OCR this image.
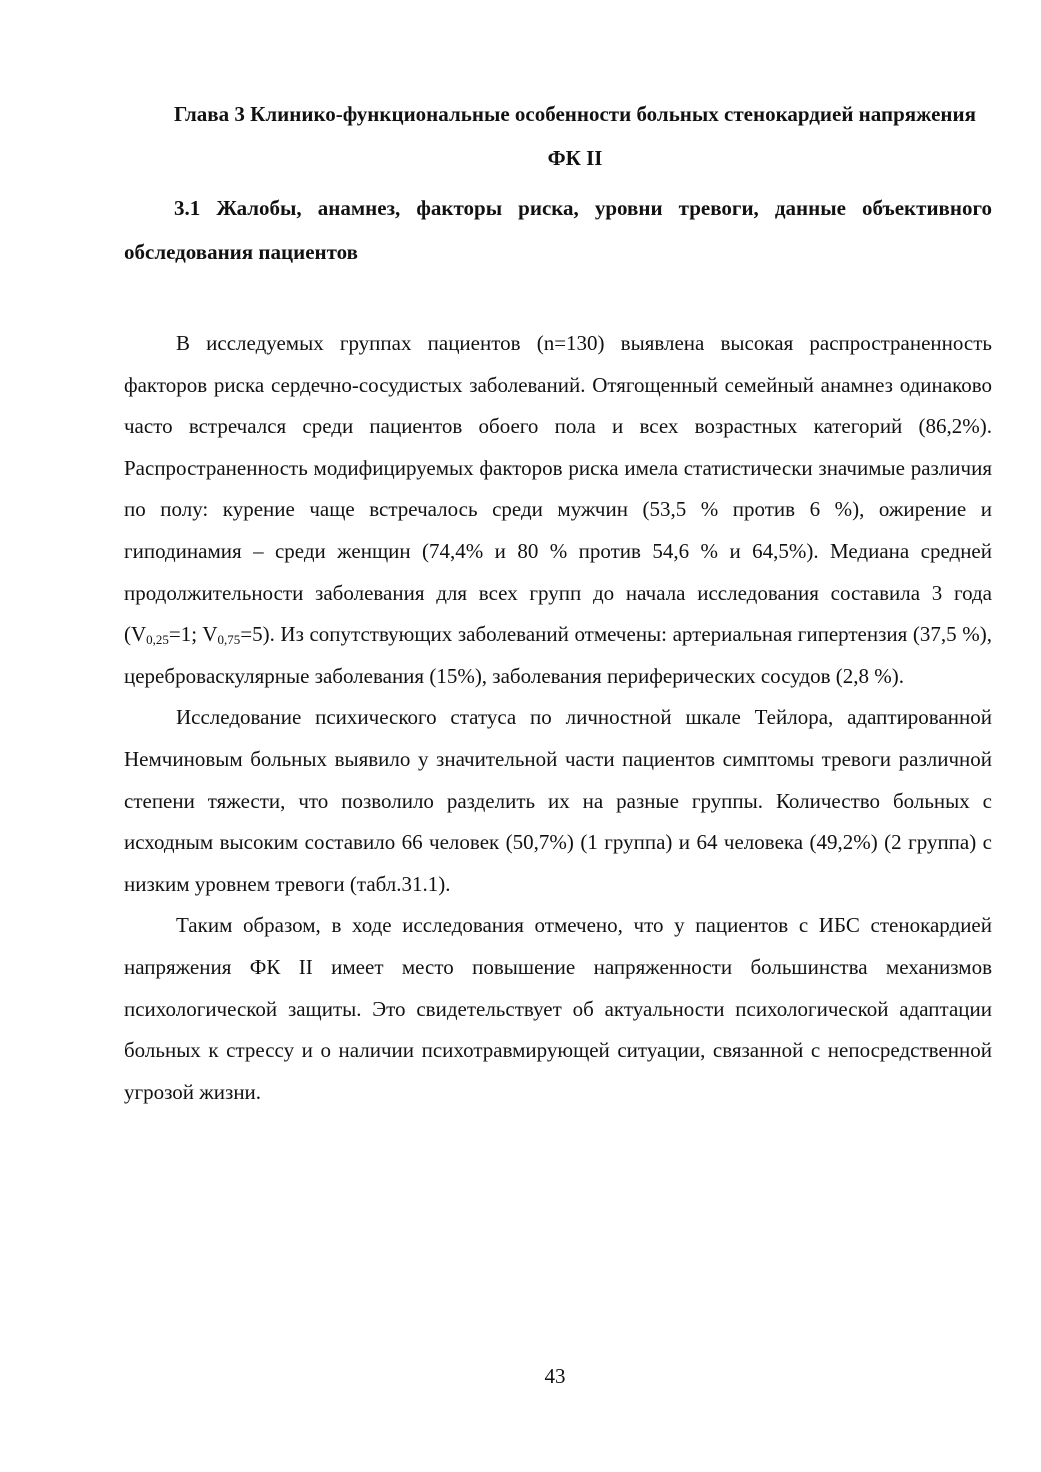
Глава 3 Клинико-функциональные особенности больных стенокардией напряжения ФК II
3.1 Жалобы, анамнез, факторы риска, уровни тревоги, данные объективного обследования пациентов

В исследуемых группах пациентов (n=130) выявлена высокая распространенность факторов риска сердечно-сосудистых заболеваний. Отягощенный семейный анамнез одинаково часто встречался среди пациентов обоего пола и всех возрастных категорий (86,2%). Распространенность модифицируемых факторов риска имела статистически значимые различия по полу: курение чаще встречалось среди мужчин (53,5 % против 6 %), ожирение и гиподинамия – среди женщин (74,4% и 80 % против 54,6 % и 64,5%). Медиана средней продолжительности заболевания для всех групп до начала исследования составила 3 года ($V_{0,25}=1$; $V_{0,75}=5$). Из сопутствующих заболеваний отмечены: артериальная гипертензия (37,5 %), церебровaскулярные заболевания (15%), заболевания периферических сосудов (2,8 %).

Исследование психического статуса по личностной шкале Тейлора, адаптированной Немчиновым больных выявило у значительной части пациентов симптомы тревоги различной степени тяжести, что позволило разделить их на разные группы. Количество больных с исходным высоким составило 66 человек (50,7%) (1 группа) и 64 человека (49,2%) (2 группа) с низким уровнем тревоги (табл.31.1).

Таким образом, в ходе исследования отмечено, что у пациентов с ИБС стенокардией напряжения ФК II имеет место повышение напряженности большинства механизмов психологической защиты. Это свидетельствует об актуальности психологической адаптации больных к стрессу и о наличии психотравмирующей ситуации, связанной с непосредственной угрозой жизни.

43
